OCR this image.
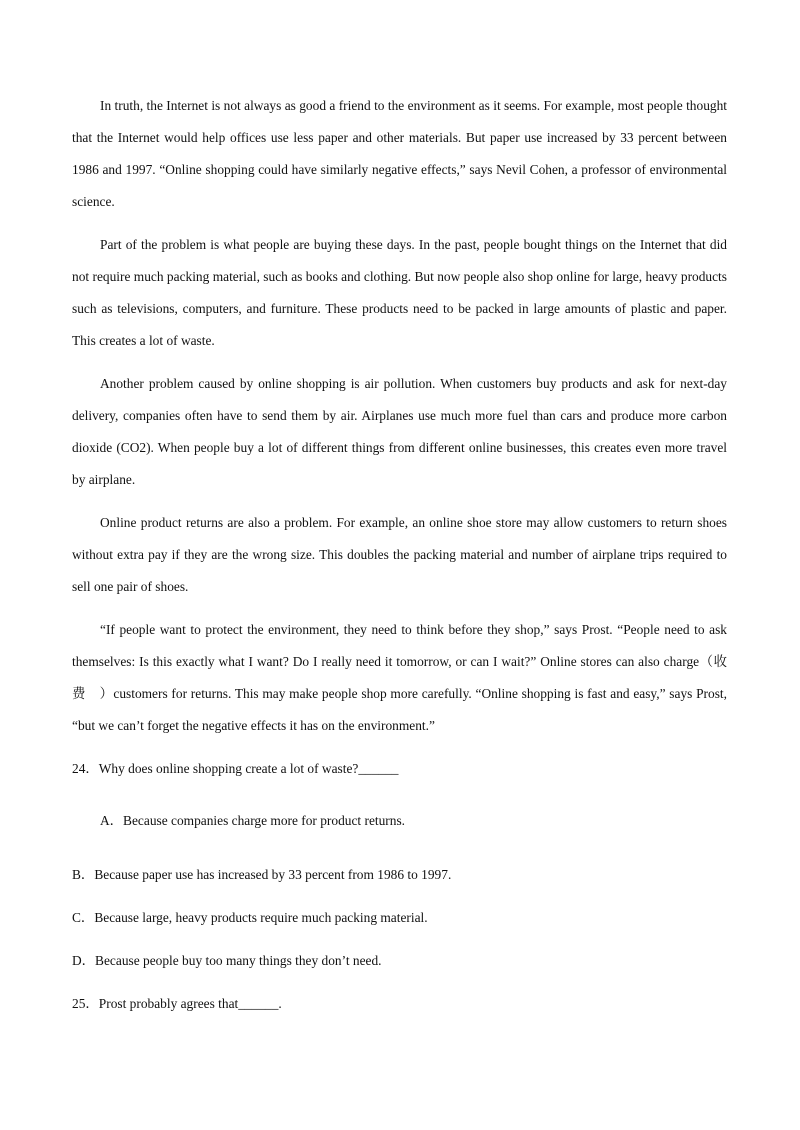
In truth, the Internet is not always as good a friend to the environment as it seems. For example, most people thought that the Internet would help offices use less paper and other materials. But paper use increased by 33 percent between 1986 and 1997. “Online shopping could have similarly negative effects,” says Nevil Cohen, a professor of environmental science.

Part of the problem is what people are buying these days. In the past, people bought things on the Internet that did not require much packing material, such as books and clothing. But now people also shop online for large, heavy products such as televisions, computers, and furniture. These products need to be packed in large amounts of plastic and paper. This creates a lot of waste.

Another problem caused by online shopping is air pollution. When customers buy products and ask for next-day delivery, companies often have to send them by air. Airplanes use much more fuel than cars and produce more carbon dioxide (CO2). When people buy a lot of different things from different online businesses, this creates even more travel by airplane.

Online product returns are also a problem. For example, an online shoe store may allow customers to return shoes without extra pay if they are the wrong size. This doubles the packing material and number of airplane trips required to sell one pair of shoes.

“If people want to protect the environment, they need to think before they shop,” says Prost. “People need to ask themselves: Is this exactly what I want? Do I really need it tomorrow, or can I wait?” Online stores can also charge（收费　）customers for returns. This may make people shop more carefully. “Online shopping is fast and easy,” says Prost, “but we can’t forget the negative effects it has on the environment.”

24．Why does online shopping create a lot of waste?______

A．Because companies charge more for product returns.

B．Because paper use has increased by 33 percent from 1986 to 1997.

C．Because large, heavy products require much packing material.

D．Because people buy too many things they don’t need.

25．Prost probably agrees that______.
